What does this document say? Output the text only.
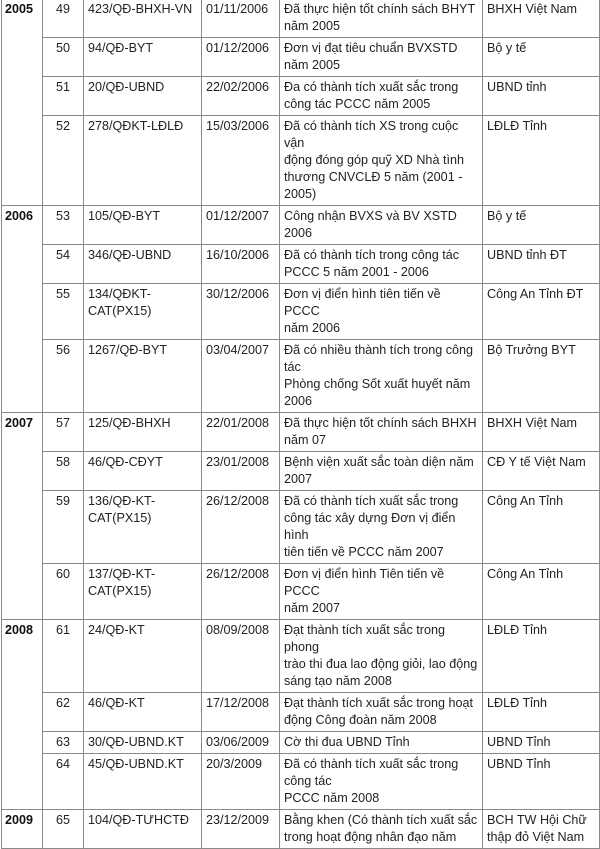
2005	49	423/QĐ-BHXH-VN	01/11/2006	Đã thực hiện tốt chính sách BHYT
năm 2005	BHXH Việt Nam
	50	94/QĐ-BYT	01/12/2006	Đơn vị đạt tiêu chuẩn BVXSTD
năm 2005	Bộ y tế
	51	20/QĐ-UBND	22/02/2006	Đa có thành tích xuất sắc trong
công tác PCCC năm 2005	UBND tỉnh
	52	278/QĐKT-LĐLĐ	15/03/2006	Đã có thành tích XS trong cuộc vận
động đóng góp quỹ XD Nhà tình
thương CNVCLĐ 5 năm (2001 -
2005)	LĐLĐ Tỉnh
2006	53	105/QĐ-BYT	01/12/2007	Công nhận BVXS và BV XSTD
2006	Bộ y tế
	54	346/QĐ-UBND	16/10/2006	Đã có thành tích trong công tác
PCCC 5 năm 2001 - 2006	UBND tỉnh ĐT
	55	134/QĐKT-
CAT(PX15)	30/12/2006	Đơn vị điển hình tiên tiến về PCCC
năm 2006	Công An Tỉnh ĐT
	56	1267/QĐ-BYT	03/04/2007	Đã có nhiều thành tích trong công
tác
Phòng chống Sốt xuất huyết năm
2006	Bộ Trưởng BYT
2007	57	125/QĐ-BHXH	22/01/2008	Đã thực hiện tốt chính sách BHXH
năm 07	BHXH Việt Nam
	58	46/QĐ-CĐYT	23/01/2008	Bệnh viện xuất sắc toàn diện năm
2007	CĐ Y tế Việt Nam
	59	136/QĐ-KT-
CAT(PX15)	26/12/2008	Đã có thành tích xuất sắc trong
công tác xây dựng Đơn vị điển hình
tiên tiến về PCCC năm 2007	Công An Tỉnh
	60	137/QĐ-KT-
CAT(PX15)	26/12/2008	Đơn vị điển hình Tiên tiến về PCCC
năm 2007	Công An Tỉnh
2008	61	24/QĐ-KT	08/09/2008	Đạt thành tích xuất sắc trong phong
trào thi đua lao động giỏi, lao động
sáng tạo năm 2008	LĐLĐ Tỉnh
	62	46/QĐ-KT	17/12/2008	Đạt thành tích xuất sắc trong hoạt
động Công đoàn năm 2008	LĐLĐ Tỉnh
	63	30/QĐ-UBND.KT	03/06/2009	Cờ thi đua UBND Tỉnh	UBND Tỉnh
	64	45/QĐ-UBND.KT	20/3/2009	Đã có thành tích xuất sắc trong
công tác
PCCC năm 2008	UBND Tỉnh
2009	65	104/QĐ-TƯHCTĐ	23/12/2009	Bằng khen (Có thành tích xuất sắc
trong hoạt động nhân đạo năm	BCH TW Hội Chữ
thập đỏ Việt Nam
